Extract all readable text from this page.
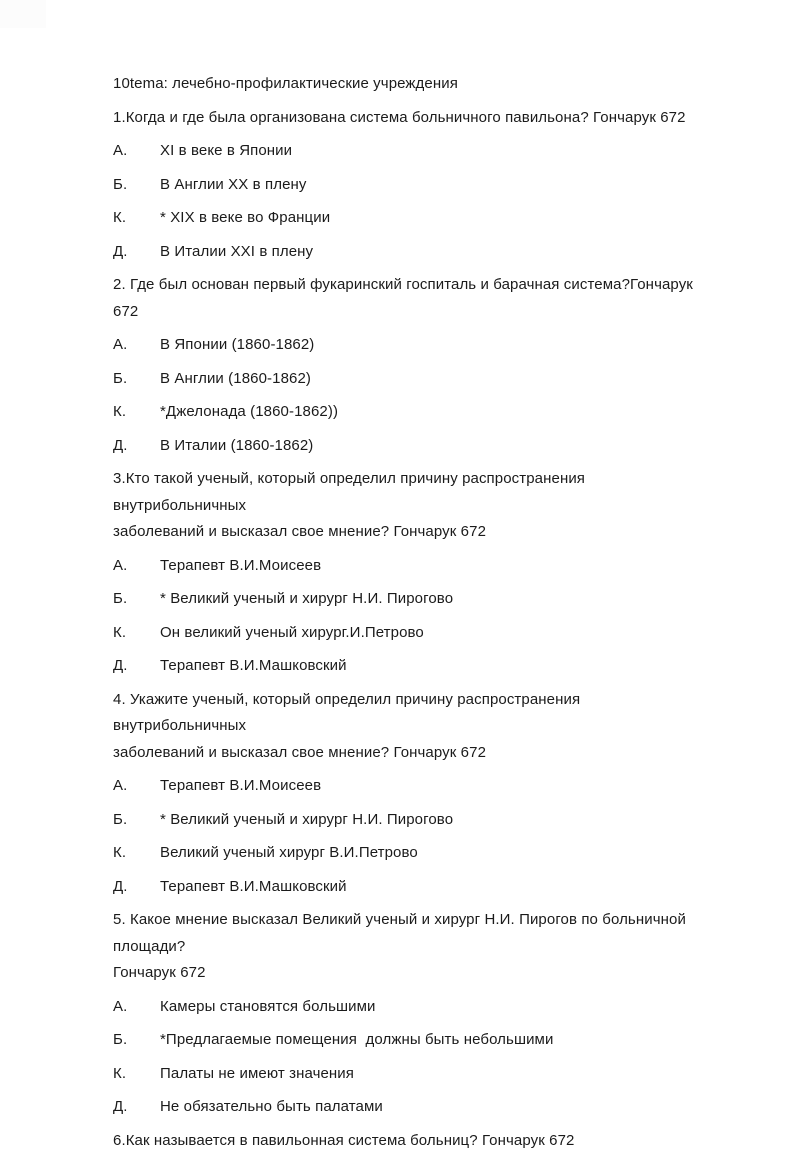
10tema: лечебно-профилактические учреждения

1.Когда и где была организована система больничного павильона? Гончарук 672

А.	XI в веке в Японии
Б.	В Англии XX в плену
К.	* XIX в веке во Франции
Д.	В Италии XXI в плену

2. Где был основан первый фукаринский госпиталь и барачная система?Гончарук 672

А.	В Японии (1860-1862)
Б.	В Англии (1860-1862)
К.	*Джелонада (1860-1862))
Д.	В Италии (1860-1862)

3.Кто такой ученый, который определил причину распространения внутрибольничных
заболеваний и высказал свое мнение? Гончарук 672

А.	Терапевт В.И.Моисеев
Б.	* Великий ученый и хирург Н.И. Пирогово
К.	Он великий ученый хирург.И.Петрово
Д.	Терапевт В.И.Машковский

4. Укажите ученый, который определил причину распространения внутрибольничных
заболеваний и высказал свое мнение? Гончарук 672

А.	Терапевт В.И.Моисеев
Б.	* Великий ученый и хирург Н.И. Пирогово
К.	Великий ученый хирург В.И.Петрово
Д.	Терапевт В.И.Машковский

5. Какое мнение высказал Великий ученый и хирург Н.И. Пирогов по больничной площади?
Гончарук 672

А.	Камеры становятся большими
Б.	*Предлагаемые помещения  должны быть небольшими
К.	Палаты не имеют значения
Д.	Не обязательно быть палатами

6.Как называется в павильонная система больниц? Гончарук 672
